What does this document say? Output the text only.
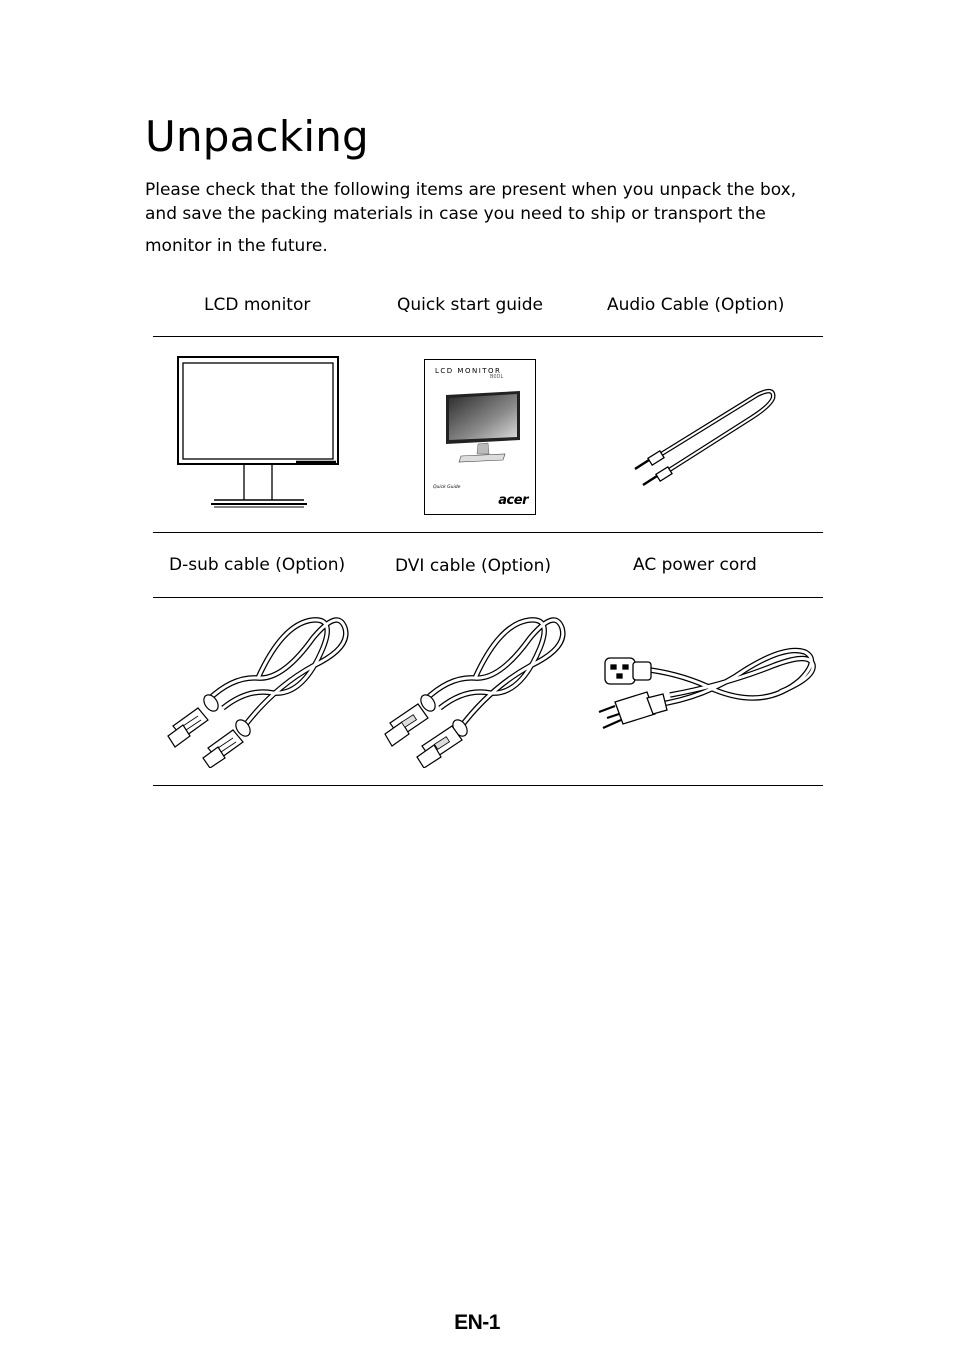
Unpacking

Please check that the following items are present when you unpack the box,
and save the packing materials in case you need to ship or transport the
monitor in the future.

LCD monitor	Quick start guide	Audio Cable (Option)
LCD MONITOR
B0DL
Quick Guide
acer
D-sub cable (Option)	DVI cable (Option)	AC power cord
EN-1
